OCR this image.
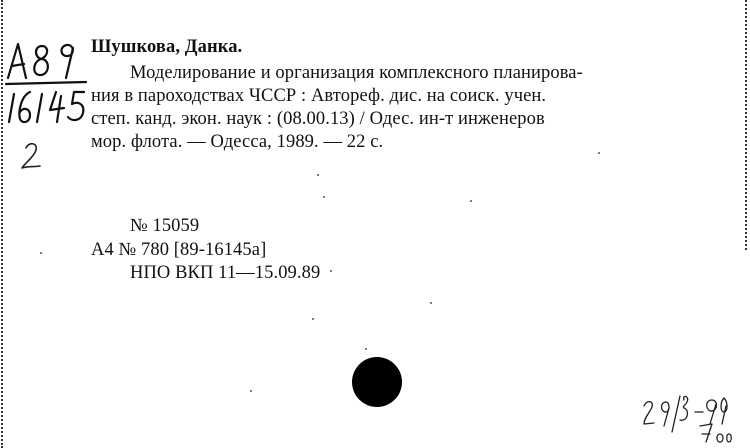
Шушкова, Данка.
Моделирование и организация комплексного планирова-
ния в пароходствах ЧССР : Автореф. дис. на соиск. учен.
степ. канд. экон. наук : (08.00.13) / Одес. ин-т инженеров
мор. флота. — Одесса, 1989. — 22 с.
№ 15059
А4 № 780 [89-16145а]
НПО ВКП 11—15.09.89
